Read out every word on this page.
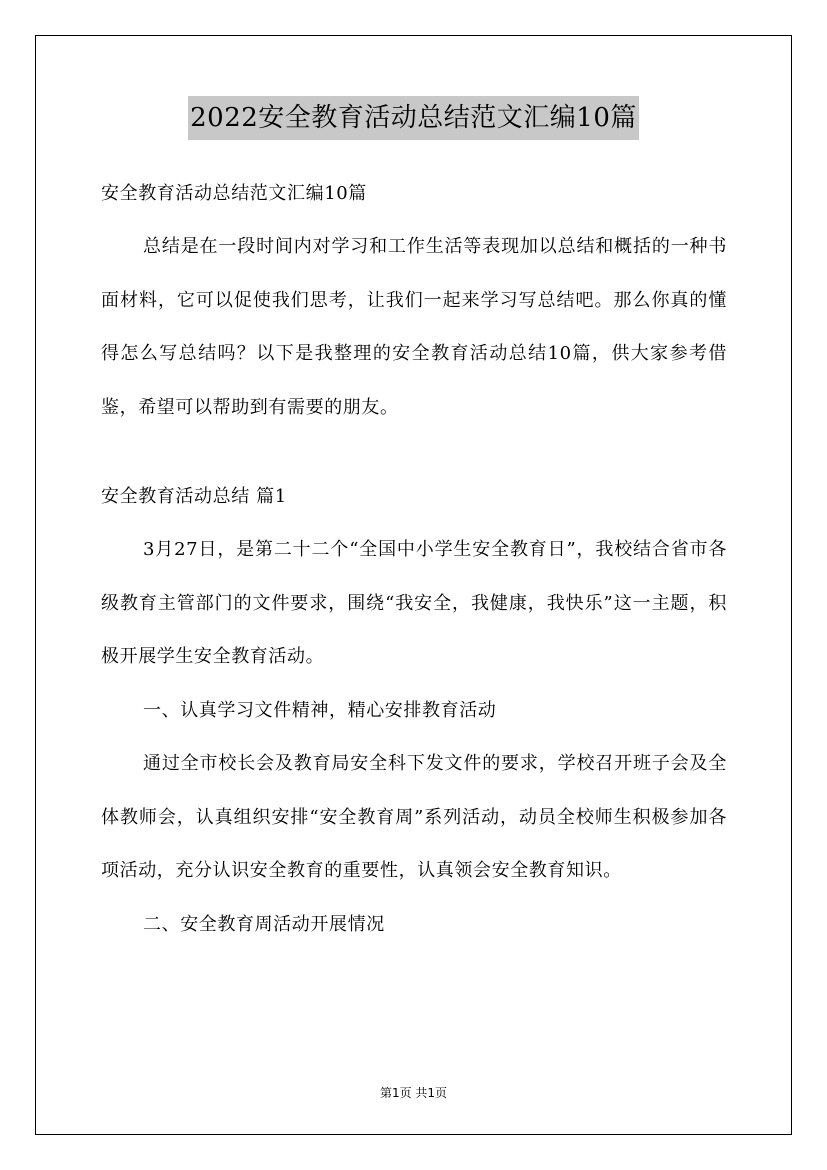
2022安全教育活动总结范文汇编10篇

安全教育活动总结范文汇编10篇

总结是在一段时间内对学习和工作生活等表现加以总结和概括的一种书面材料，它可以促使我们思考，让我们一起来学习写总结吧。那么你真的懂得怎么写总结吗？以下是我整理的安全教育活动总结10篇，供大家参考借鉴，希望可以帮助到有需要的朋友。

安全教育活动总结 篇1

3月27日，是第二十二个“全国中小学生安全教育日”，我校结合省市各级教育主管部门的文件要求，围绕“我安全，我健康，我快乐”这一主题，积极开展学生安全教育活动。

一、认真学习文件精神，精心安排教育活动

通过全市校长会及教育局安全科下发文件的要求，学校召开班子会及全体教师会，认真组织安排“安全教育周”系列活动，动员全校师生积极参加各项活动，充分认识安全教育的重要性，认真领会安全教育知识。

二、安全教育周活动开展情况

第1页 共1页
